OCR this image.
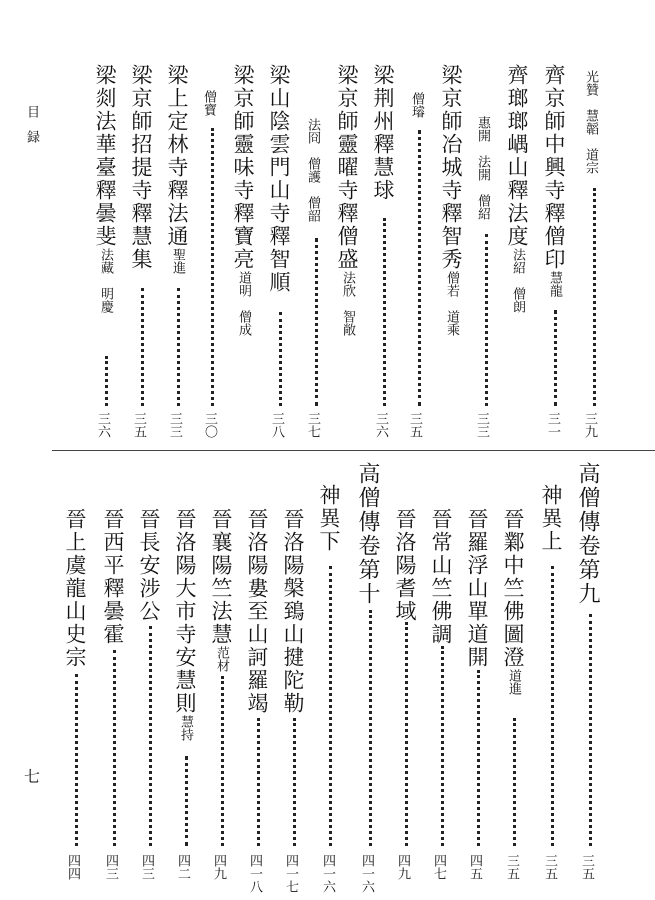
目録
七
光贊　慧韜　道宗
三九
齊京師中興寺釋僧印慧龍
三一
齊瑯瑯嵎山釋法度法紹　僧朗
惠開　法開　僧紹
三三
梁京師冶城寺釋智秀僧若　道乘
僧璿
三五
梁荆州釋慧球
三六
梁京師靈曜寺釋僧盛法欣　智敞
法冏　僧護　僧韶
三七
梁山陰雲門山寺釋智順
三八
梁京師靈味寺釋寶亮道明　僧成
僧寶
三〇
梁上定林寺釋法通聖進
三三
梁京師招提寺釋慧集
三五
梁剡法華臺釋曇斐法藏　明慶
三六
高僧傳卷第九
三五
神異上
三五
晉鄴中竺佛圖澄道進
三五
晉羅浮山單道開
四五
晉常山竺佛調
四七
晉洛陽耆域
四九
高僧傳卷第十
四一六
神異下
四一六
晉洛陽槃鵄山揵陀勒
四一七
晉洛陽婁至山訶羅竭
四一八
晉襄陽竺法慧范材
四九
晉洛陽大市寺安慧則慧持
四二
晉長安涉公
四三
晉西平釋曇霍
四三
晉上虞龍山史宗
四四
